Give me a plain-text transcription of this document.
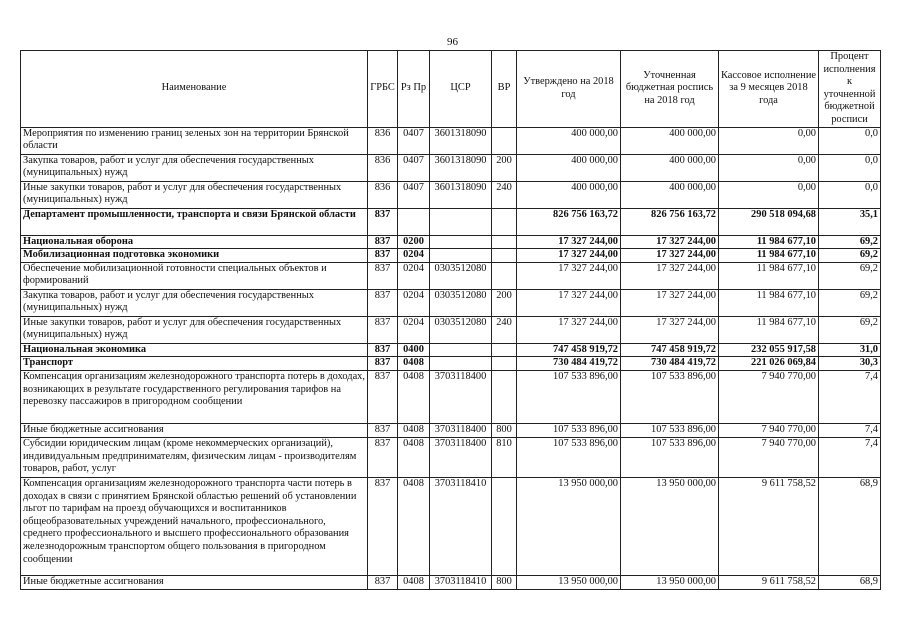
96
Наименование	ГРБС	Рз Пр	ЦСР	ВР	Утверждено на 2018 год	Уточненная бюджетная роспись на 2018 год	Кассовое исполнение за 9 месяцев 2018 года	Процент исполнения к уточненной бюджетной росписи
Мероприятия по изменению границ зеленых зон на территории Брянской области	836	0407	3601318090		400 000,00	400 000,00	0,00	0,0
Закупка товаров, работ и услуг для обеспечения государственных (муниципальных) нужд	836	0407	3601318090	200	400 000,00	400 000,00	0,00	0,0
Иные закупки товаров, работ и услуг для обеспечения государственных (муниципальных) нужд	836	0407	3601318090	240	400 000,00	400 000,00	0,00	0,0
Департамент промышленности, транспорта и связи Брянской области	837				826 756 163,72	826 756 163,72	290 518 094,68	35,1
Национальная оборона	837	0200			17 327 244,00	17 327 244,00	11 984 677,10	69,2
Мобилизационная подготовка экономики	837	0204			17 327 244,00	17 327 244,00	11 984 677,10	69,2
Обеспечение мобилизационной готовности специальных объектов и формирований	837	0204	0303512080		17 327 244,00	17 327 244,00	11 984 677,10	69,2
Закупка товаров, работ и услуг для обеспечения государственных (муниципальных) нужд	837	0204	0303512080	200	17 327 244,00	17 327 244,00	11 984 677,10	69,2
Иные закупки товаров, работ и услуг для обеспечения государственных (муниципальных) нужд	837	0204	0303512080	240	17 327 244,00	17 327 244,00	11 984 677,10	69,2
Национальная экономика	837	0400			747 458 919,72	747 458 919,72	232 055 917,58	31,0
Транспорт	837	0408			730 484 419,72	730 484 419,72	221 026 069,84	30,3
Компенсация организациям железнодорожного транспорта потерь в доходах, возникающих в результате государственного регулирования тарифов на перевозку пассажиров в пригородном сообщении	837	0408	3703118400		107 533 896,00	107 533 896,00	7 940 770,00	7,4
Иные бюджетные ассигнования	837	0408	3703118400	800	107 533 896,00	107 533 896,00	7 940 770,00	7,4
Субсидии юридическим лицам (кроме некоммерческих организаций), индивидуальным предпринимателям, физическим лицам - производителям товаров, работ, услуг	837	0408	3703118400	810	107 533 896,00	107 533 896,00	7 940 770,00	7,4
Компенсация организациям железнодорожного транспорта части потерь в доходах в связи с принятием Брянской областью решений об установлении льгот по тарифам на проезд обучающихся и воспитанников общеобразовательных учреждений начального, профессионального, среднего профессионального и высшего профессионального образования железнодорожным транспортом общего пользования в пригородном сообщении	837	0408	3703118410		13 950 000,00	13 950 000,00	9 611 758,52	68,9
Иные бюджетные ассигнования	837	0408	3703118410	800	13 950 000,00	13 950 000,00	9 611 758,52	68,9
